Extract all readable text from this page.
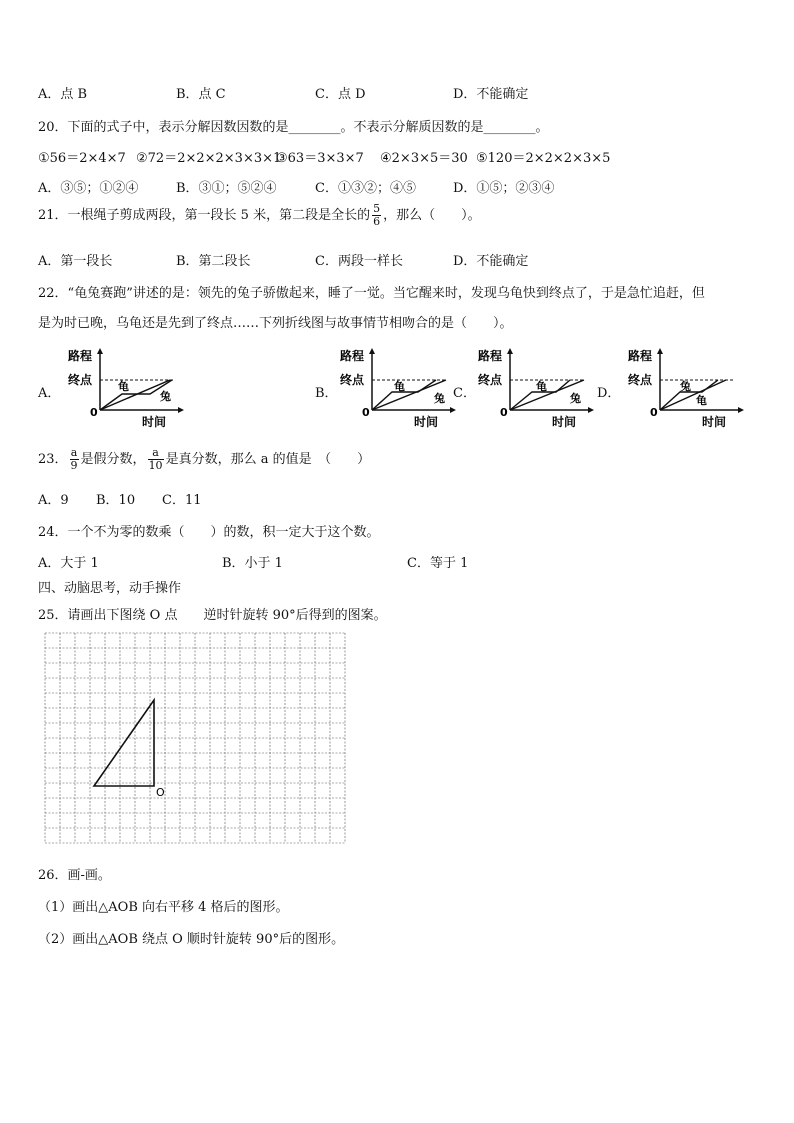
A．点 B	B．点 C	C．点 D	D．不能确定
20．下面的式子中，表示分解因数因数的是________。不表示分解质因数的是________。
①56＝2×4×7 ②72＝2×2×2×3×3×1
③63＝3×3×7 ④2×3×5＝30 ⑤120＝2×2×2×3×5
A．③⑤；①②④	B．③①；⑤②④	C．①③②；④⑤	D．①⑤；②③④
21．一根绳子剪成两段，第一段长 5 米，第二段是全长的 $\frac{5}{6}$ ，那么（　　）。
A．第一段长	B．第二段长	C．两段一样长	D．不能确定
22．“龟兔赛跑”讲述的是：领先的兔子骄傲起来，睡了一觉。当它醒来时，发现乌龟快到终点了，于是急忙追赶，但
是为时已晚，乌龟还是先到了终点……下列折线图与故事情节相吻合的是（　　）。
A．	B．	C．	D．
路程
终点
0
时间
龟
兔
路程
终点
0
时间
龟
兔
路程
终点
0
时间
龟
兔
路程
终点
0
时间
兔
龟
23． $\frac{a}{9}$ 是假分数， $\frac{a}{10}$ 是真分数，那么 a 的值是　（　　）
A．9 B．10 C．11
24．一个不为零的数乘（　　）的数，积一定大于这个数。
A．大于 1	B．小于 1	C．等于 1
四、动脑思考，动手操作
25．请画出下图绕 O 点　　逆时针旋转 90°后得到的图案。
O
26．画-画。
（1）画出△AOB 向右平移 4 格后的图形。
（2）画出△AOB 绕点 O 顺时针旋转 90°后的图形。
